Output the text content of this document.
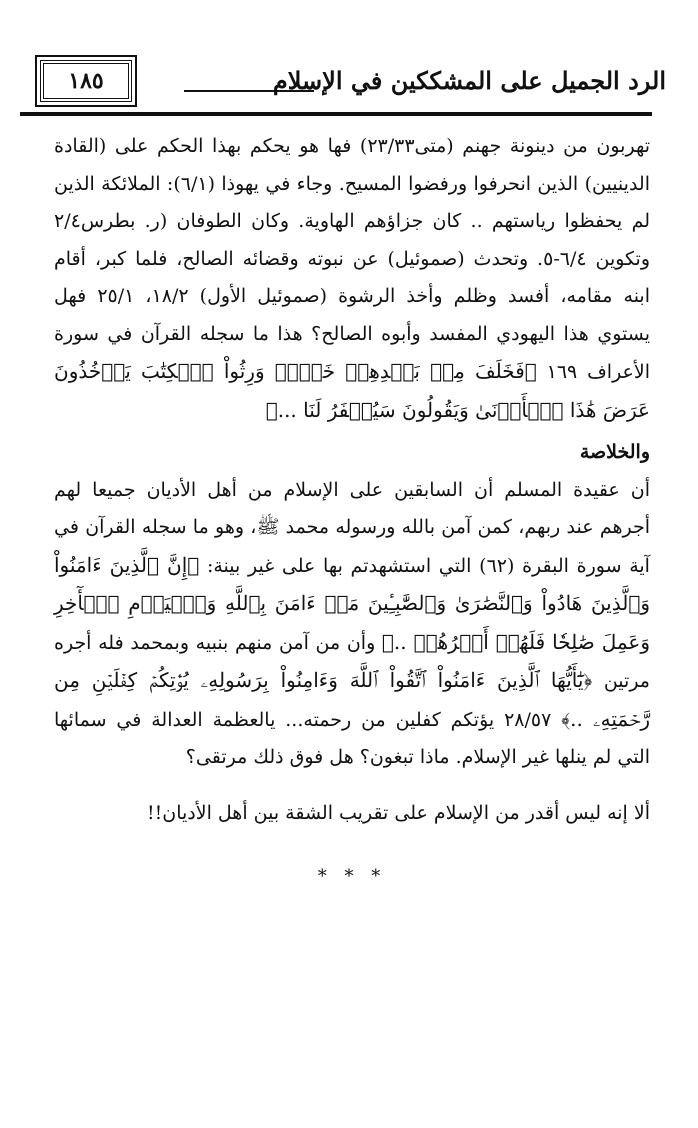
١٨٥	الرد الجميل على المشككين في الإسلام

تهربون من دينونة جهنم (متى٢٣/٣٣) فها هو يحكم بهذا الحكم على (القادة الدينيين) الذين انحرفوا ورفضوا المسيح. وجاء في يهوذا (٦/١): الملائكة الذين لم يحفظوا رياستهم .. كان جزاؤهم الهاوية. وكان الطوفان (ر. بطرس٢/٤ وتكوين ٦/٤-٥. وتحدث (صموئيل) عن نبوته وقضائه الصالح، فلما كبر، أقام ابنه مقامه، أفسد وظلم وأخذ الرشوة (صموئيل الأول) ١٨/٢، ٢٥/١ فهل يستوي هذا اليهودي المفسد وأبوه الصالح؟ هذا ما سجله القرآن في سورة الأعراف ١٦٩ ﴿فَخَلَفَ مِنۢ بَعۡدِهِمۡ خَلۡفٞ وَرِثُواْ ٱلۡكِتَٰبَ يَأۡخُذُونَ عَرَضَ هَٰذَا ٱلۡأَدۡنَىٰ وَيَقُولُونَ سَيُغۡفَرُ لَنَا ...﴾

والخلاصة

أن عقيدة المسلم أن السابقين على الإسلام من أهل الأديان جميعا لهم أجرهم عند ربهم، كمن آمن بالله ورسوله محمد ﷺ، وهو ما سجله القرآن في آية سورة البقرة (٦٢) التي استشهدتم بها على غير بينة: ﴿إِنَّ ٱلَّذِينَ ءَامَنُواْ وَٱلَّذِينَ هَادُواْ وَٱلنَّصَٰرَىٰ وَٱلصَّٰبِـِٔينَ مَنۡ ءَامَنَ بِٱللَّهِ وَٱلۡيَوۡمِ ٱلۡأٓخِرِ وَعَمِلَ صَٰلِحٗا فَلَهُمۡ أَجۡرُهُمۡ ..﴾ وأن من آمن منهم بنبيه وبمحمد فله أجره مرتين ﴿يَٰٓأَيُّهَا ٱلَّذِينَ ءَامَنُواْ ٱتَّقُواْ ٱللَّهَ وَءَامِنُواْ بِرَسُولِهِۦ يُؤۡتِكُمۡ كِفۡلَيۡنِ مِن رَّحۡمَتِهِۦ ..﴾ ٢٨/٥٧ يؤتكم كفلين من رحمته... يالعظمة العدالة في سمائها التي لم ينلها غير الإسلام. ماذا تبغون؟ هل فوق ذلك مرتقى؟

ألا إنه ليس أقدر من الإسلام على تقريب الشقة بين أهل الأديان!!

* * *
